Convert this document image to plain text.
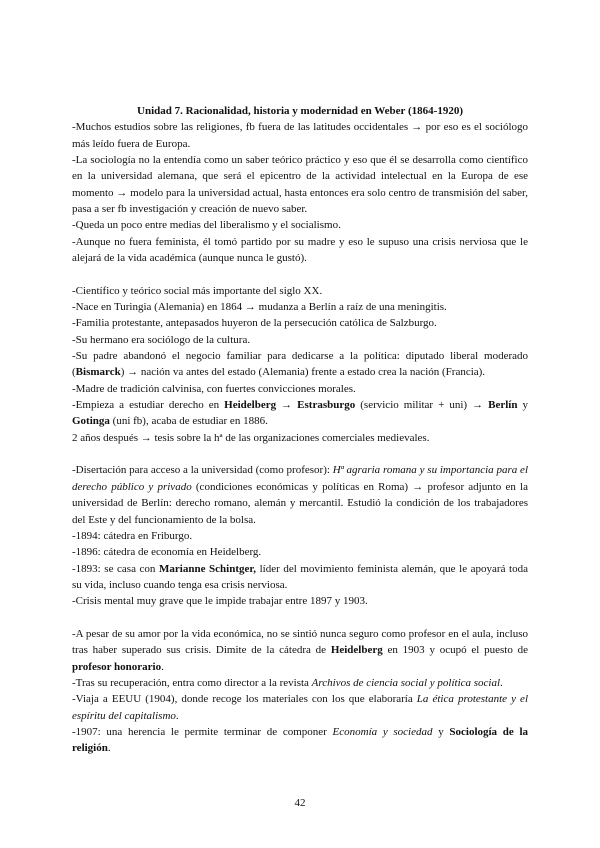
Unidad 7. Racionalidad, historia y modernidad en Weber (1864-1920)

-Muchos estudios sobre las religiones, fb fuera de las latitudes occidentales → por eso es el sociólogo más leído fuera de Europa.

-La sociología no la entendía como un saber teórico práctico y eso que él se desarrolla como científico en la universidad alemana, que será el epicentro de la actividad intelectual en la Europa de ese momento → modelo para la universidad actual, hasta entonces era solo centro de transmisión del saber, pasa a ser fb investigación y creación de nuevo saber.

-Queda un poco entre medias del liberalismo y el socialismo.

-Aunque no fuera feminista, él tomó partido por su madre y eso le supuso una crisis nerviosa que le alejará de la vida académica (aunque nunca le gustó).

-Científico y teórico social más importante del siglo XX.

-Nace en Turingia (Alemania) en 1864 → mudanza a Berlín a raíz de una meningitis.

-Familia protestante, antepasados huyeron de la persecución católica de Salzburgo.

-Su hermano era sociólogo de la cultura.

-Su padre abandonó el negocio familiar para dedicarse a la política: diputado liberal moderado (Bismarck) → nación va antes del estado (Alemania) frente a estado crea la nación (Francia).

-Madre de tradición calvinisa, con fuertes convicciones morales.

-Empieza a estudiar derecho en Heidelberg → Estrasburgo (servicio militar + uni) → Berlín y Gotinga (uni fb), acaba de estudiar en 1886.

2 años después → tesis sobre la hª de las organizaciones comerciales medievales.

-Disertación para acceso a la universidad (como profesor): Hª agraria romana y su importancia para el derecho público y privado (condiciones económicas y políticas en Roma) → profesor adjunto en la universidad de Berlín: derecho romano, alemán y mercantil. Estudió la condición de los trabajadores del Este y del funcionamiento de la bolsa.

-1894: cátedra en Friburgo.

-1896: cátedra de economía en Heidelberg.

-1893: se casa con Marianne Schintger, líder del movimiento feminista alemán, que le apoyará toda su vida, incluso cuando tenga esa crisis nerviosa.

-Crisis mental muy grave que le impide trabajar entre 1897 y 1903.

-A pesar de su amor por la vida económica, no se sintió nunca seguro como profesor en el aula, incluso tras haber superado sus crisis. Dimite de la cátedra de Heidelberg en 1903 y ocupó el puesto de profesor honorario.

-Tras su recuperación, entra como director a la revista Archivos de ciencia social y política social.

-Viaja a EEUU (1904), donde recoge los materiales con los que elaboraría La ética protestante y el espíritu del capitalismo.

-1907: una herencia le permite terminar de componer Economía y sociedad y Sociología de la religión.

42
